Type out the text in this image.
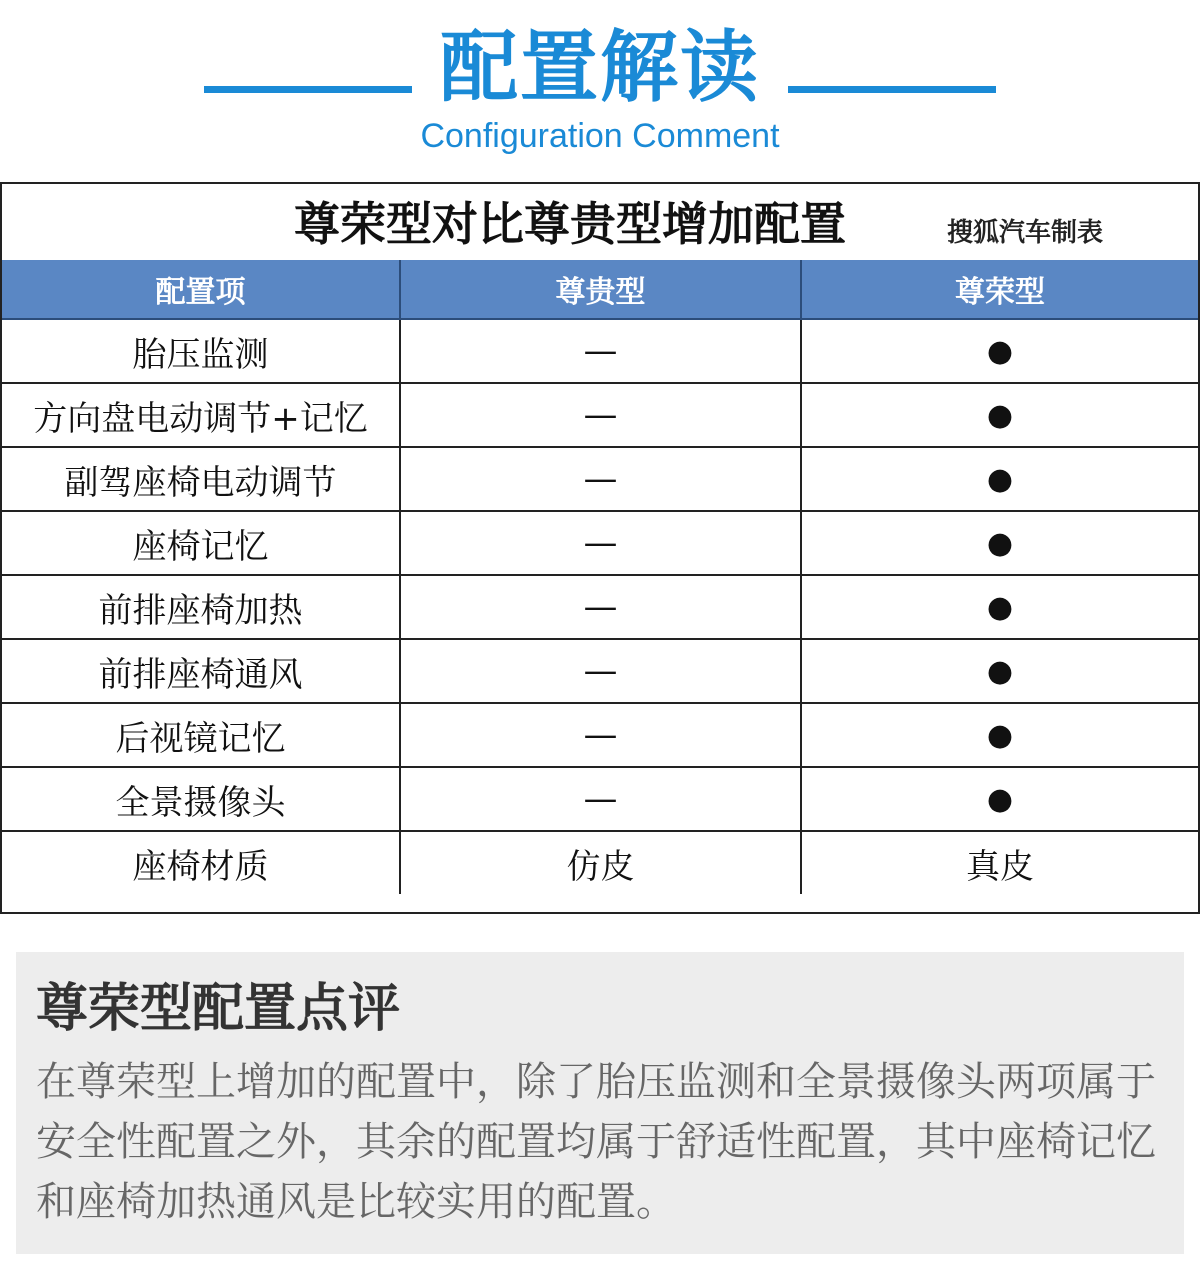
配置解读
Configuration Comment
尊荣型对比尊贵型增加配置	搜狐汽车制表
配置项	尊贵型	尊荣型
胎压监测	—	●
方向盘电动调节+记忆	—	●
副驾座椅电动调节	—	●
座椅记忆	—	●
前排座椅加热	—	●
前排座椅通风	—	●
后视镜记忆	—	●
全景摄像头	—	●
座椅材质	仿皮	真皮
尊荣型配置点评
在尊荣型上增加的配置中，除了胎压监测和全景摄像头两项属于安全性配置之外，其余的配置均属于舒适性配置，其中座椅记忆和座椅加热通风是比较实用的配置。
